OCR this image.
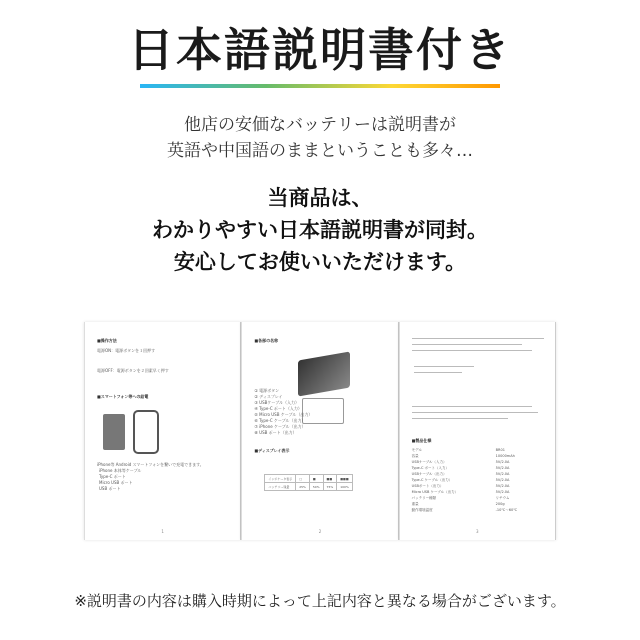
日本語説明書付き
他店の安価なバッテリーは説明書が
英語や中国語のままということも多々…
当商品は、
わかりやすい日本語説明書が同封。
安心してお使いいただけます。
■操作方法
電源ON：電源ボタンを１回押す
電源OFF：電源ボタンを２回素早く押す
■スマートフォン等への給電
iPhone等 Android スマートフォンを繋いで充電できます。
iPhone 本体等ケーブル
Type-C ポート
Micro USB ポート
USB ポート
1
■各部の名称
① 電源ボタン
② ディスプレイ
③ USBケーブル（入力）
④ Type-C ポート（入力）
⑤ Micro USB ケーブル（出力）
⑥ Type-C ケーブル（出力）
⑦ iPhone ケーブル（出力）
⑧ USB ポート（出力）
■ディスプレイ表示
インジケータ表示	□	■	■■	■■■
バッテリー残量	25%	50%	75%	100%
2
■製品仕様
モデル	BR01
容量	10000mAh
USBケーブル（入力）	5V/2.0A
Type-C ポート（入力）	5V/2.0A
USBケーブル（出力）	5V/2.0A
Type-C ケーブル（出力）	5V/2.0A
USBポート（出力）	5V/2.0A
Micro USB ケーブル（出力）	5V/2.0A
バッテリー種類	リチウム
重量	200g
動作環境温度	-10℃～60℃
3
※説明書の内容は購入時期によって上記内容と異なる場合がございます。
